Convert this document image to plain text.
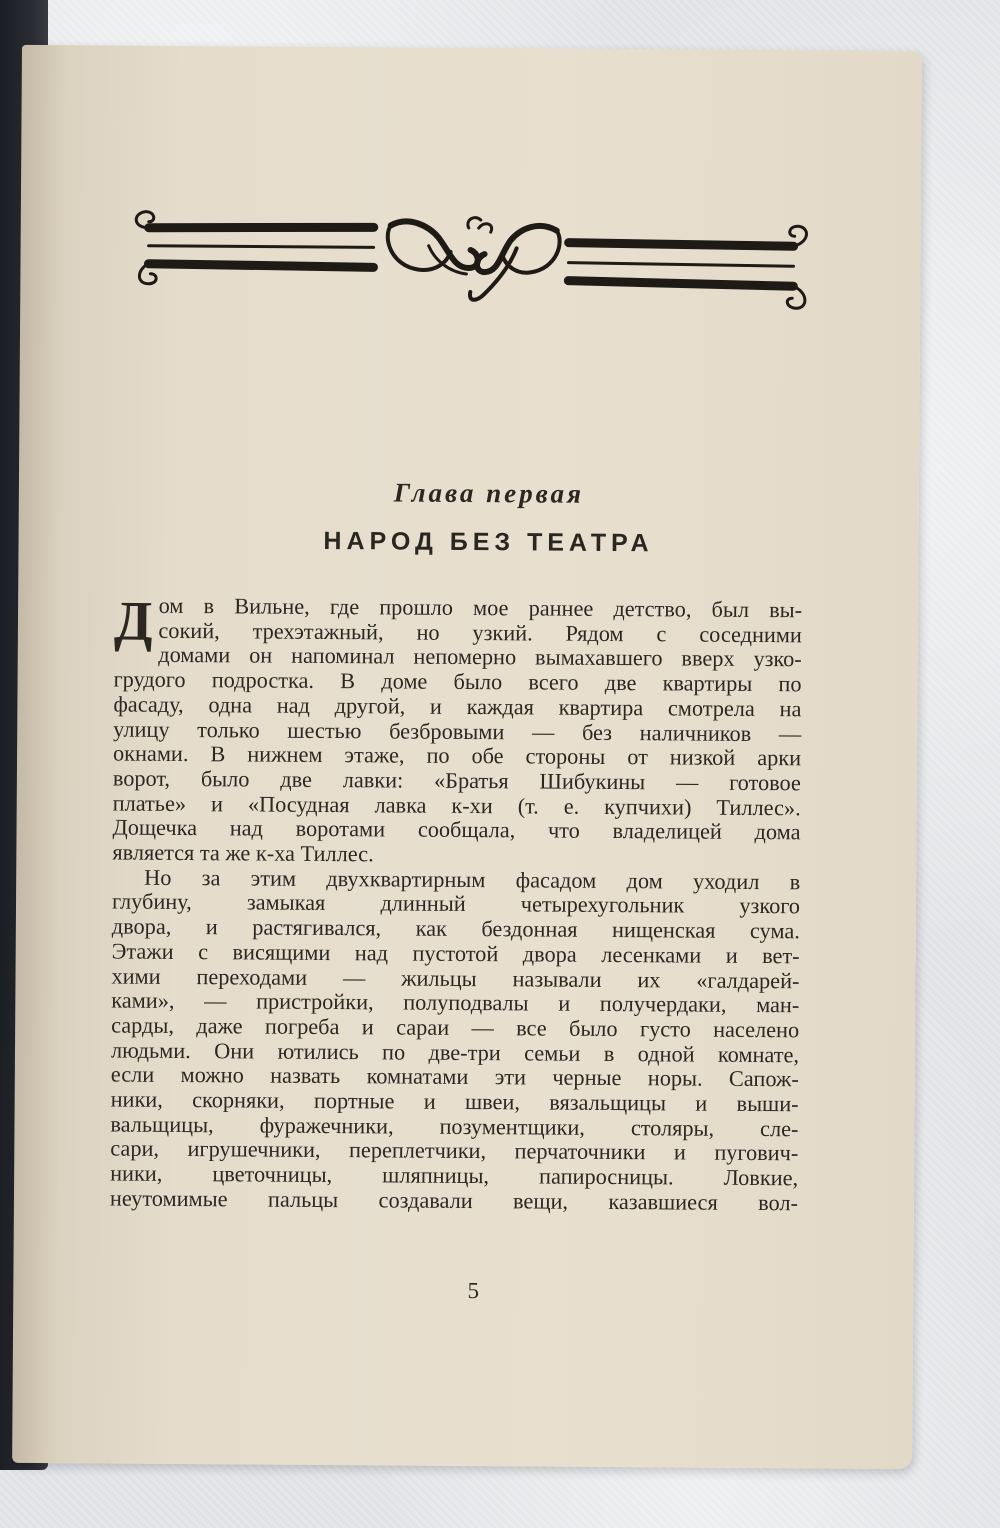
Глава первая
НАРОД БЕЗ ТЕАТРА
Д ом в Вильне, где прошло мое раннее детство, был вы-
сокий, трехэтажный, но узкий. Рядом с соседними
домами он напоминал непомерно вымахавшего вверх узко-
грудого подростка. В доме было всего две квартиры по
фасаду, одна над другой, и каждая квартира смотрела на
улицу только шестью безбровыми — без наличников —
окнами. В нижнем этаже, по обе стороны от низкой арки
ворот, было две лавки: «Братья Шибукины — готовое
платье» и «Посудная лавка к-хи (т. е. купчихи) Тиллес».
Дощечка над воротами сообщала, что владелицей дома
является та же к-ха Тиллес.
Но за этим двухквартирным фасадом дом уходил в
глубину, замыкая длинный четырехугольник узкого
двора, и растягивался, как бездонная нищенская сума.
Этажи с висящими над пустотой двора лесенками и вет-
хими переходами — жильцы называли их «галдарей-
ками», — пристройки, полуподвалы и получердаки, ман-
сарды, даже погреба и сараи — все было густо населено
людьми. Они ютились по две-три семьи в одной комнате,
если можно назвать комнатами эти черные норы. Сапож-
ники, скорняки, портные и швеи, вязальщицы и выши-
вальщицы, фуражечники, позументщики, столяры, сле-
сари, игрушечники, переплетчики, перчаточники и пугович-
ники, цветочницы, шляпницы, папиросницы. Ловкие,
неутомимые пальцы создавали вещи, казавшиеся вол-
5
